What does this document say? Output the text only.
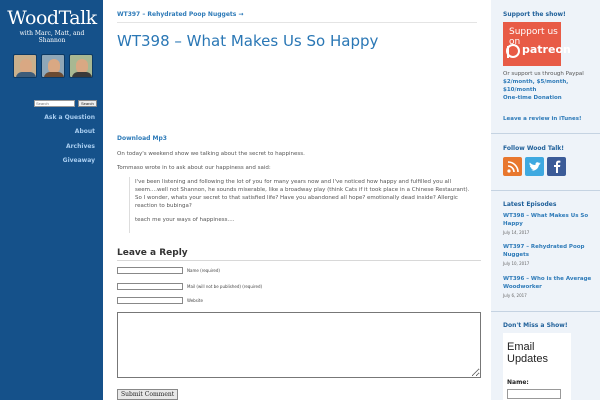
WoodTalk
with Marc, Matt, and Shannon
Search
Search
Ask a Question
About
Archives
Giveaway
WT397 – Rehydrated Poop Nuggets →
WT398 – What Makes Us So Happy
Download Mp3
On today's weekend show we talking about the secret to happiness.
Tommaso wrote in to ask about our happiness and said:
I've been listening and following the lot of you for many years now and I've noticed how happy and fulfilled you all seem....well not Shannon, he sounds miserable, like a broadway play (think Cats if it took place in a Chinese Restaurant). So I wonder, whats your secret to that satisfied life? Have you abandoned all hope? emotionally dead inside? Allergic reaction to bubinga?
teach me your ways of happiness....
Leave a Reply
Name (required)
Mail (will not be published) (required)
Website
Submit Comment
Support the show!
Support us on
patreon
Or support us through Paypal $2/month, $5/month, $10/month
One-time Donation
Leave a review in iTunes!
Follow Wood Talk!
Latest Episodes
WT398 – What Makes Us So Happy
July 14, 2017
WT397 – Rehydrated Poop Nuggets
July 10, 2017
WT396 – Who is the Average Woodworker
July 6, 2017
Don't Miss a Show!
Email Updates
Name:
